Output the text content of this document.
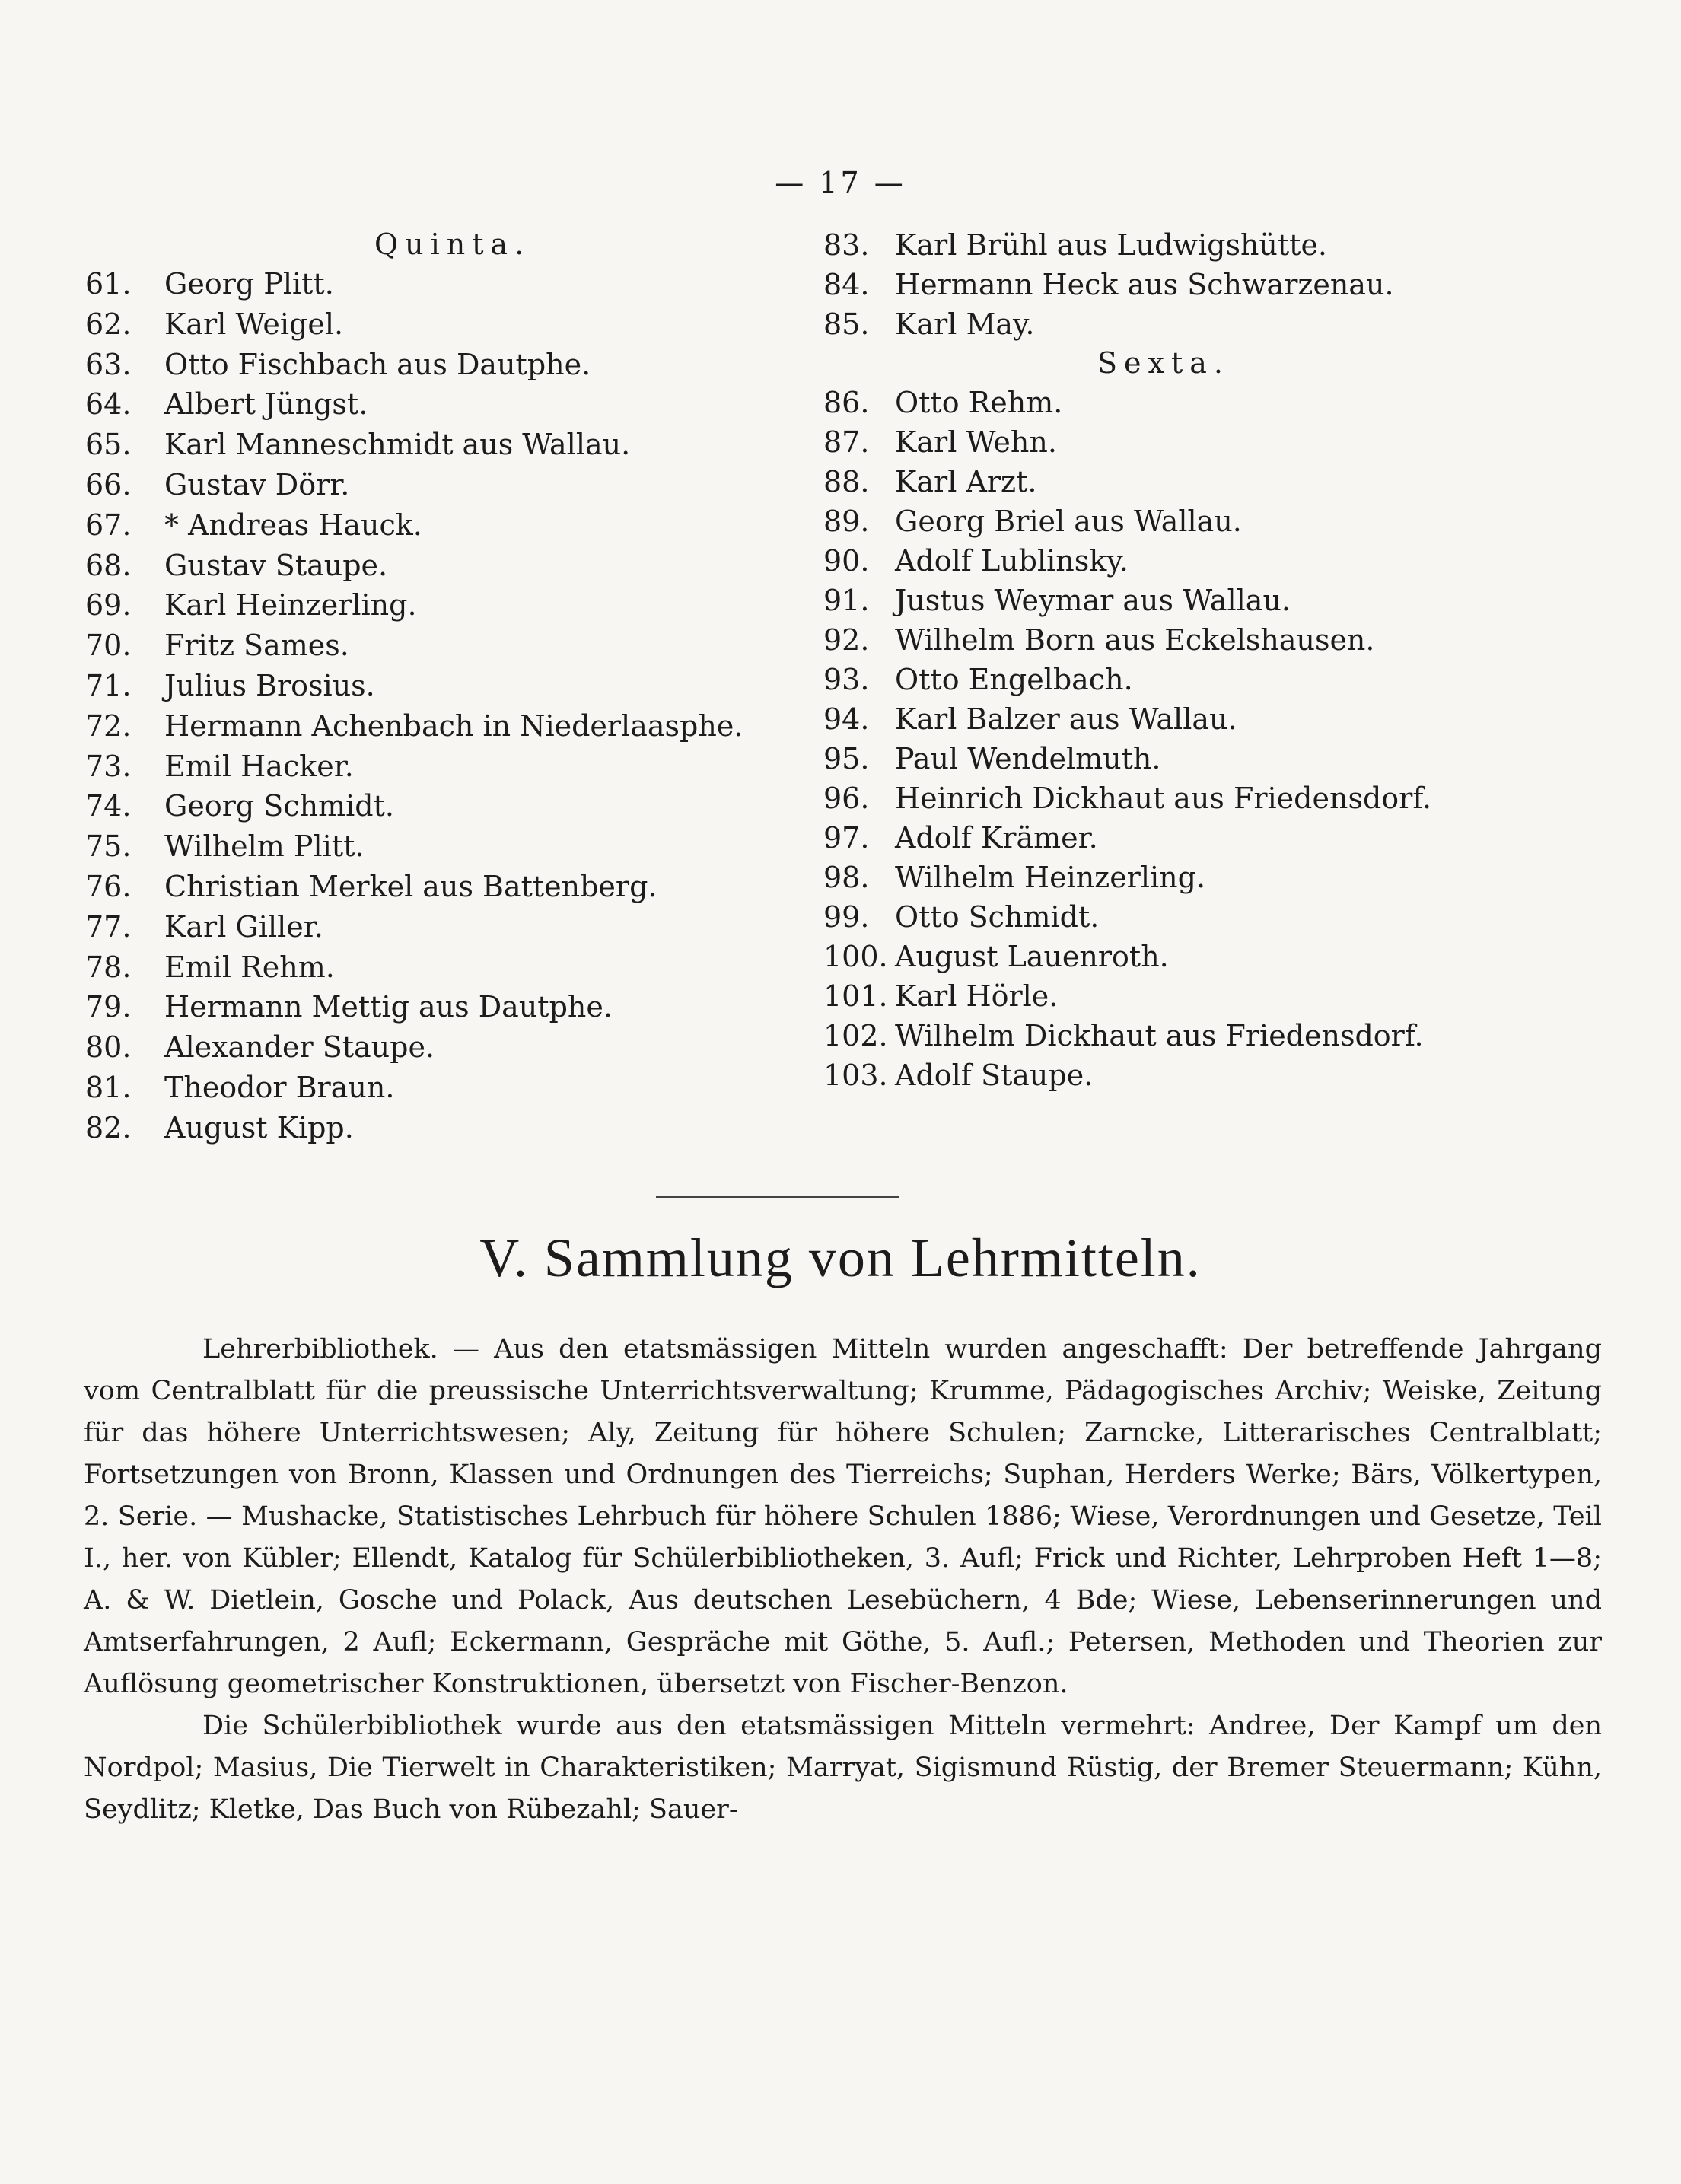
— 17 —
Quinta.
61. Georg Plitt.
62. Karl Weigel.
63. Otto Fischbach aus Dautphe.
64. Albert Jüngst.
65. Karl Manneschmidt aus Wallau.
66. Gustav Dörr.
67. * Andreas Hauck.
68. Gustav Staupe.
69. Karl Heinzerling.
70. Fritz Sames.
71. Julius Brosius.
72. Hermann Achenbach in Niederlaasphe.
73. Emil Hacker.
74. Georg Schmidt.
75. Wilhelm Plitt.
76. Christian Merkel aus Battenberg.
77. Karl Giller.
78. Emil Rehm.
79. Hermann Mettig aus Dautphe.
80. Alexander Staupe.
81. Theodor Braun.
82. August Kipp.
83. Karl Brühl aus Ludwigshütte.
84. Hermann Heck aus Schwarzenau.
85. Karl May.
Sexta.
86. Otto Rehm.
87. Karl Wehn.
88. Karl Arzt.
89. Georg Briel aus Wallau.
90. Adolf Lublinsky.
91. Justus Weymar aus Wallau.
92. Wilhelm Born aus Eckelshausen.
93. Otto Engelbach.
94. Karl Balzer aus Wallau.
95. Paul Wendelmuth.
96. Heinrich Dickhaut aus Friedensdorf.
97. Adolf Krämer.
98. Wilhelm Heinzerling.
99. Otto Schmidt.
100. August Lauenroth.
101. Karl Hörle.
102. Wilhelm Dickhaut aus Friedensdorf.
103. Adolf Staupe.
V. Sammlung von Lehrmitteln.

Lehrerbibliothek. — Aus den etatsmässigen Mitteln wurden angeschafft: Der betreffende Jahrgang vom Centralblatt für die preussische Unterrichtsverwaltung; Krumme, Pädagogisches Archiv; Weiske, Zeitung für das höhere Unterrichtswesen; Aly, Zeitung für höhere Schulen; Zarncke, Litterarisches Centralblatt; Fortsetzungen von Bronn, Klassen und Ordnungen des Tierreichs; Suphan, Herders Werke; Bärs, Völkertypen, 2. Serie. — Mushacke, Statistisches Lehrbuch für höhere Schulen 1886; Wiese, Verordnungen und Gesetze, Teil I., her. von Kübler; Ellendt, Katalog für Schülerbibliotheken, 3. Aufl; Frick und Richter, Lehrproben Heft 1—8; A. & W. Dietlein, Gosche und Polack, Aus deutschen Lesebüchern, 4 Bde; Wiese, Lebenserinnerungen und Amtserfahrungen, 2 Aufl; Eckermann, Gespräche mit Göthe, 5. Aufl.; Petersen, Methoden und Theorien zur Auflösung geometrischer Konstruktionen, übersetzt von Fischer-Benzon.

Die Schülerbibliothek wurde aus den etatsmässigen Mitteln vermehrt: Andree, Der Kampf um den Nordpol; Masius, Die Tierwelt in Charakteristiken; Marryat, Sigismund Rüstig, der Bremer Steuermann; Kühn, Seydlitz; Kletke, Das Buch von Rübezahl; Sauer-
